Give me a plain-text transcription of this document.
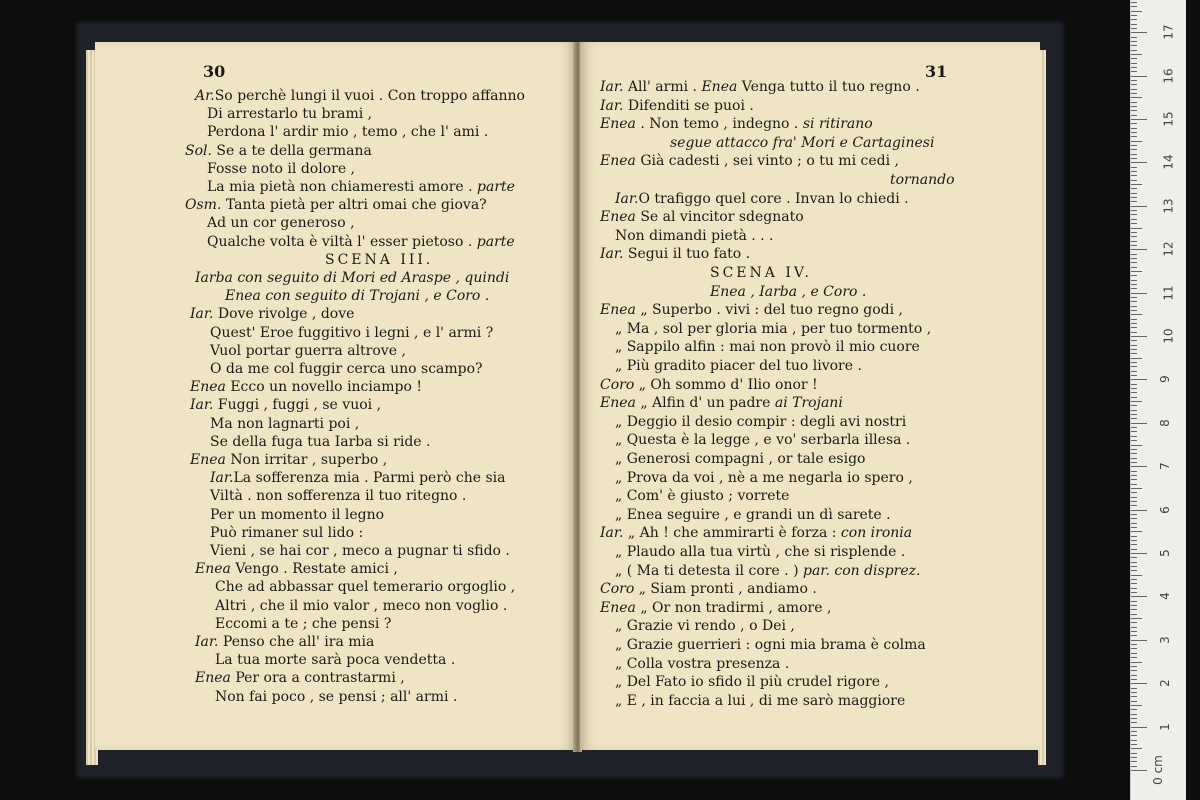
30
Ar.So perchè lungi il vuoi . Con troppo affanno
Di arrestarlo tu brami ,
Perdona l' ardir mio , temo , che l' ami .
Sol. Se a te della germana
Fosse noto il dolore ,
La mia pietà non chiameresti amore . parte
Osm. Tanta pietà per altri omai che giova?
Ad un cor generoso ,
Qualche volta è viltà l' esser pietoso . parte
SCENA III.
Iarba con seguito di Mori ed Araspe , quindi
Enea con seguito di Trojani , e Coro .
Iar. Dove rivolge , dove
Quest' Eroe fuggitivo i legni , e l' armi ?
Vuol portar guerra altrove ,
O da me col fuggir cerca uno scampo?
Enea Ecco un novello inciampo !
Iar. Fuggi , fuggi , se vuoi ,
Ma non lagnarti poi ,
Se della fuga tua Iarba si ride .
Enea Non irritar , superbo ,
Iar.La sofferenza mia . Parmi però che sia
Viltà . non sofferenza il tuo ritegno .
Per un momento il legno
Può rimaner sul lido :
Vieni , se hai cor , meco a pugnar ti sfido .
Enea Vengo . Restate amici ,
Che ad abbassar quel temerario orgoglio ,
Altri , che il mio valor , meco non voglio .
Eccomi a te ; che pensi ?
Iar. Penso che all' ira mia
La tua morte sarà poca vendetta .
Enea Per ora a contrastarmi ,
Non fai poco , se pensi ; all' armi .
31
Iar. All' armi . Enea Venga tutto il tuo regno .
Iar. Difenditi se puoi .
Enea . Non temo , indegno . si ritirano
segue attacco fra' Mori e Cartaginesi
Enea Già cadesti , sei vinto ; o tu mi cedi ,
tornando
Iar.O trafiggo quel core . Invan lo chiedi .
Enea Se al vincitor sdegnato
Non dimandi pietà . . .
Iar. Segui il tuo fato .
SCENA IV.
Enea , Iarba , e Coro .
Enea „ Superbo . vivi : del tuo regno godi ,
„ Ma , sol per gloria mia , per tuo tormento ,
„ Sappilo alfin : mai non provò il mio cuore
„ Più gradito piacer del tuo livore .
Coro „ Oh sommo d' Ilio onor !
Enea „ Alfin d' un padre ai Trojani
„ Deggio il desio compir : degli avi nostri
„ Questa è la legge , e vo' serbarla illesa .
„ Generosi compagni , or tale esigo
„ Prova da voi , nè a me negarla io spero ,
„ Com' è giusto ; vorrete
„ Enea seguire , e grandi un dì sarete .
Iar. „ Ah ! che ammirarti è forza : con ironia
„ Plaudo alla tua virtù , che si risplende .
„ ( Ma ti detesta il core . ) par. con disprez.
Coro „ Siam pronti , andiamo .
Enea „ Or non tradirmi , amore ,
„ Grazie vi rendo , o Dei ,
„ Grazie guerrieri : ogni mia brama è colma
„ Colla vostra presenza .
„ Del Fato io sfido il più crudel rigore ,
„ E , in faccia a lui , di me sarò maggiore
0 cm
1
2
3
4
5
6
7
8
9
10
11
12
13
14
15
16
17
